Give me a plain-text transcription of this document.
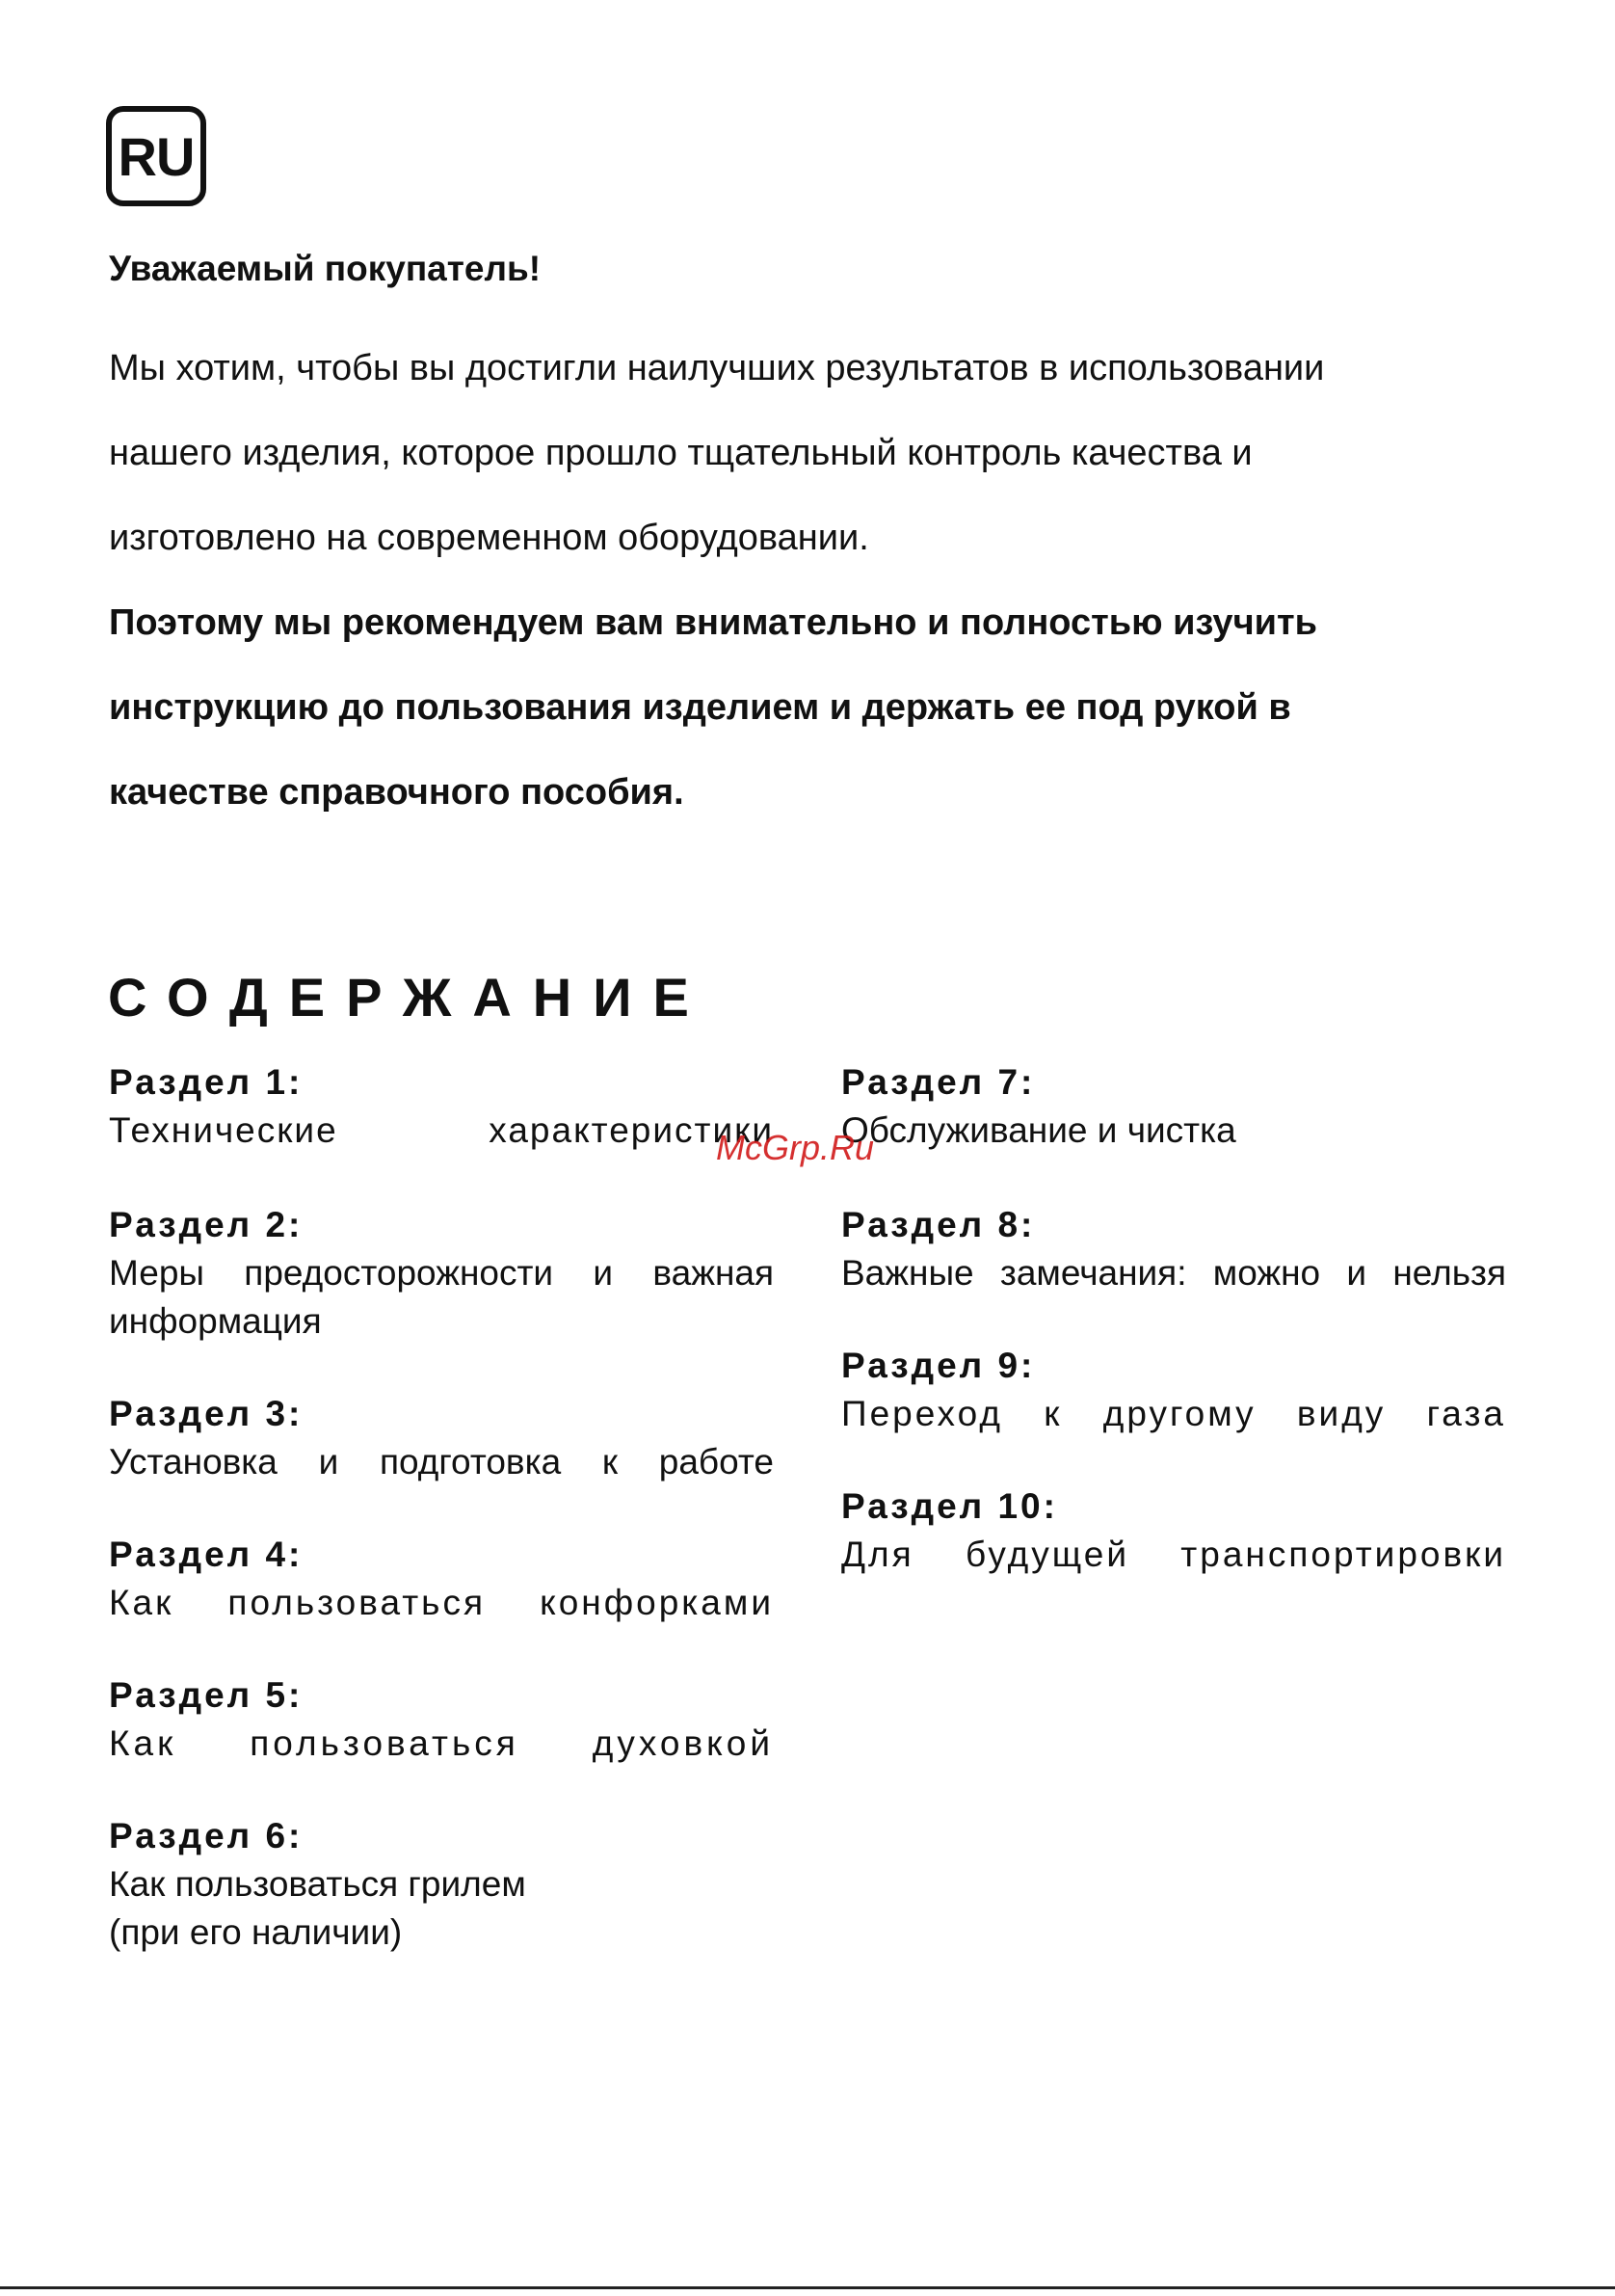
RU

Уважаемый покупатель!

Мы хотим, чтобы вы достигли наилучших результатов в использовании

нашего изделия, которое прошло тщательный контроль качества и

изготовлено на современном оборудовании.

Поэтому мы рекомендуем вам внимательно и полностью изучить

инструкцию до пользования изделием и держать ее под рукой в

качестве справочного пособия.

СОДЕРЖАНИЕ

Раздел 1:

Технические характеристики

Раздел 2:

Меры предосторожности и важная

информация

Раздел 3:

Установка и подготовка к работе

Раздел 4:

Как пользоваться конфорками

Раздел 5:

Как пользоваться духовкой

Раздел 6:

Как пользоваться грилем

(при его наличии)

Раздел 7:

Обслуживание и чистка

Раздел 8:

Важные замечания: можно и нельзя

Раздел 9:

Переход к другому виду газа

Раздел 10:

Для будущей транспортировки

McGrp.Ru
